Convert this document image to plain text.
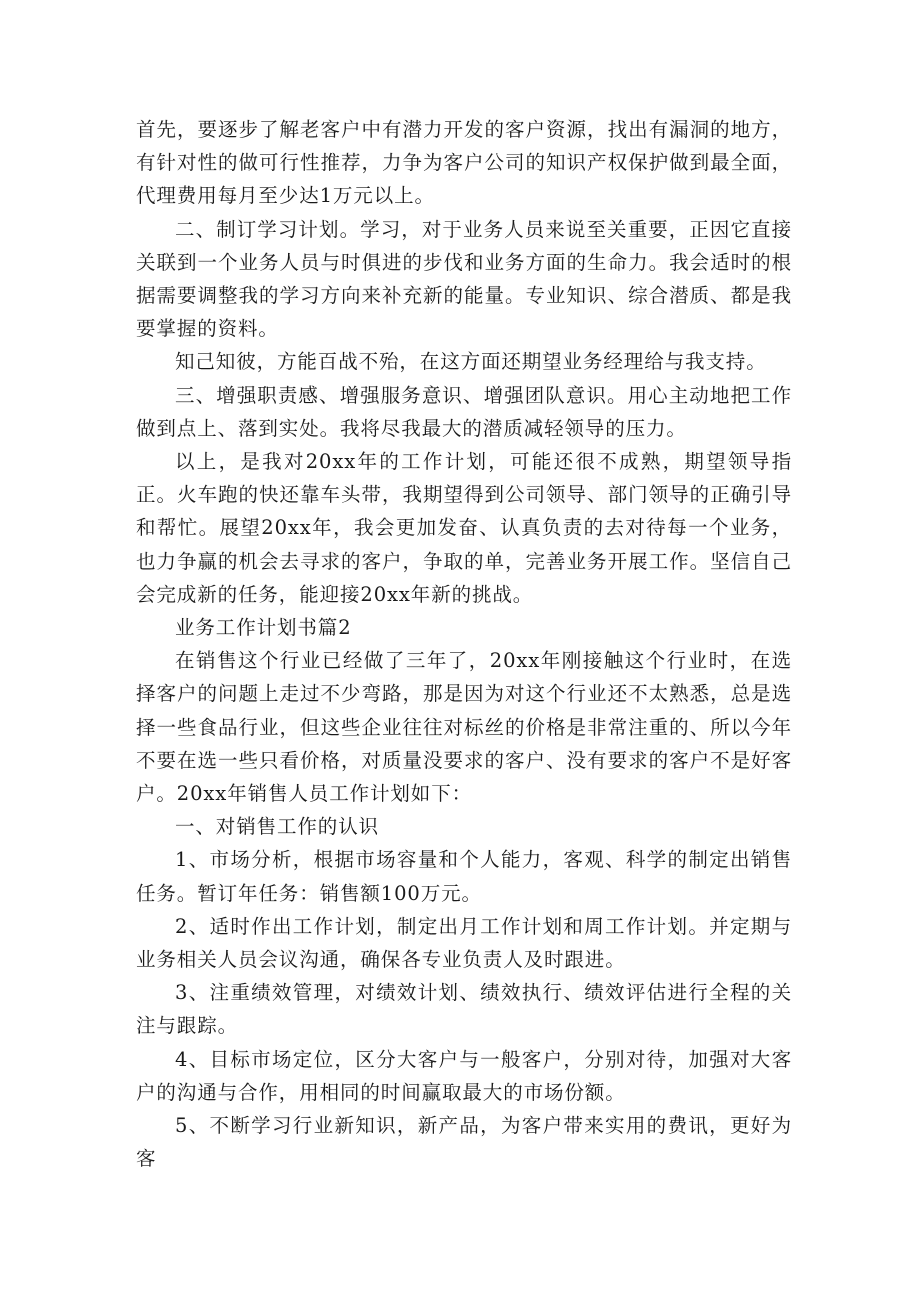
首先，要逐步了解老客户中有潜力开发的客户资源，找出有漏洞的地方，有针对性的做可行性推荐，力争为客户公司的知识产权保护做到最全面，代理费用每月至少达1万元以上。

二、制订学习计划。学习，对于业务人员来说至关重要，正因它直接关联到一个业务人员与时俱进的步伐和业务方面的生命力。我会适时的根据需要调整我的学习方向来补充新的能量。专业知识、综合潜质、都是我要掌握的资料。

知己知彼，方能百战不殆，在这方面还期望业务经理给与我支持。

三、增强职责感、增强服务意识、增强团队意识。用心主动地把工作做到点上、落到实处。我将尽我最大的潜质减轻领导的压力。

以上，是我对20xx年的工作计划，可能还很不成熟，期望领导指正。火车跑的快还靠车头带，我期望得到公司领导、部门领导的正确引导和帮忙。展望20xx年，我会更加发奋、认真负责的去对待每一个业务，也力争赢的机会去寻求的客户，争取的单，完善业务开展工作。坚信自己会完成新的任务，能迎接20xx年新的挑战。

业务工作计划书篇2

在销售这个行业已经做了三年了，20xx年刚接触这个行业时，在选择客户的问题上走过不少弯路，那是因为对这个行业还不太熟悉，总是选择一些食品行业，但这些企业往往对标丝的价格是非常注重的、所以今年不要在选一些只看价格，对质量没要求的客户、没有要求的客户不是好客户。20xx年销售人员工作计划如下：

一、对销售工作的认识

1、市场分析，根据市场容量和个人能力，客观、科学的制定出销售任务。暂订年任务：销售额100万元。

2、适时作出工作计划，制定出月工作计划和周工作计划。并定期与业务相关人员会议沟通，确保各专业负责人及时跟进。

3、注重绩效管理，对绩效计划、绩效执行、绩效评估进行全程的关注与跟踪。

4、目标市场定位，区分大客户与一般客户，分别对待，加强对大客户的沟通与合作，用相同的时间赢取最大的市场份额。

5、不断学习行业新知识，新产品，为客户带来实用的费讯，更好为客
